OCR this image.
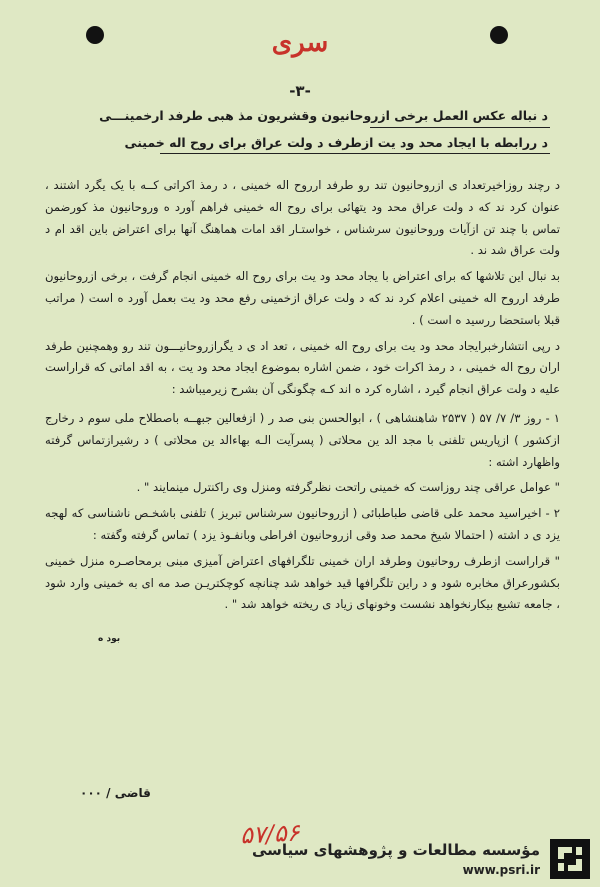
سری
-۳-
د نباله عکس العمل برخی ازروحانیون وقشریون مذ هبی طرفد ارخمینـــی
د ررابطه با ایجاد محد ود یت ازطرف د ولت عراق برای روح اله خمینی

د رچند روزاخیرتعداد ی ازروحانیون تند رو طرفد ارروح اله خمینی ، د رمذ اکراتی کــه با یک یگرد اشتند ، عنوان کرد ند که د ولت عراق محد ود یتهائی برای روح اله خمینی فراهم آورد ه وروحانیون مذ کورضمن تماس با چند تن ازآیات وروحانیون سرشناس ، خواستـار اقد امات هماهنگ آنها برای اعتراض باین اقد ام د ولت عراق شد ند .

بد نبال این تلاشها که برای اعتراض با یجاد محد ود یت برای روح اله خمینی انجام گرفت ، برخی ازروحانیون طرفد ارروح اله خمینی اعلام کرد ند که د ولت عراق ازخمینی رفع محد ود یت بعمل آورد ه است ( مراتب قبلا باستحضا ررسید ه است ) .

د رپی انتشارخبرایجاد محد ود یت برای روح اله خمینی ، تعد اد ی د یگرازروحانیـــون تند رو وهمچنین طرفد اران روح اله خمینی ، د رمذ اکرات خود ، ضمن اشاره بموضوع ایجاد محد ود یت ، به اقد اماتی که قراراست علیه د ولت عراق انجام گیرد ، اشاره کرد ه اند کـه چگونگی آن بشرح زیرمیباشد :

۱ - روز ۳/ ۷/ ۵۷ ( ۲۵۳۷ شاهنشاهی ) ، ابوالحسن بنی صد ر ( ازفعالین جبهــه باصطلاح ملی سوم د رخارج ازکشور ) ازپاریس تلفنی با مجد الد ین محلاتی ( پسرآیت الـه بهاءالد ین محلاتی ) د رشیرازتماس گرفته واظهارد اشته :

" عوامل عراقی چند روزاست که خمینی راتحت نظرگرفته ومنزل وی راکنترل مینمایند " .

۲ - اخیراسید محمد علی قاضی طباطبائی ( ازروحانیون سرشناس تبریز ) تلفنی باشخـص ناشناسی که لهجه یزد ی د اشته ( احتمالا شیخ محمد صد وقی ازروحانیون افراطی وبانفـوذ یزد ) تماس گرفته وگفته :

" قراراست ازطرف روحانیون وطرفد اران خمینی تلگرافهای اعتراض آمیزی مبنی برمحاصـره منزل خمینی بکشورعراق مخابره شود و د راین تلگرافها قید خواهد شد چنانچه کوچکتریـن صد مه ای به خمینی وارد شود ، جامعه تشیع بیکارنخواهد نشست وخونهای زیاد ی ریخته خواهد شد " .

بود ه
قاضی / ۰۰۰
۵۷/۵۶
مؤسسه مطالعات و پژوهشهای سیاسی
www.psri.ir
